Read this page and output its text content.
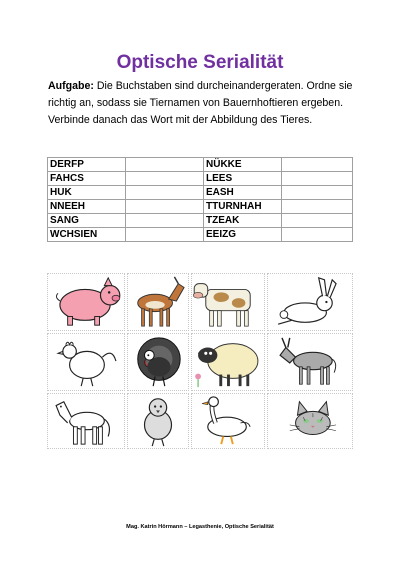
Optische Serialität
Aufgabe: Die Buchstaben sind durcheinandergeraten. Ordne sie richtig an, sodass sie Tiernamen von Bauernhoftieren ergeben. Verbinde danach das Wort mit der Abbildung des Tieres.
DERFP		NÜKKE	
FAHCS		LEES	
HUK		EASH	
NNEEH		TTURNHAH	
SANG		TZEAK	
WCHSIEN		EEIZG	
Mag. Katrin Hörmann – Legasthenie, Optische Serialität
